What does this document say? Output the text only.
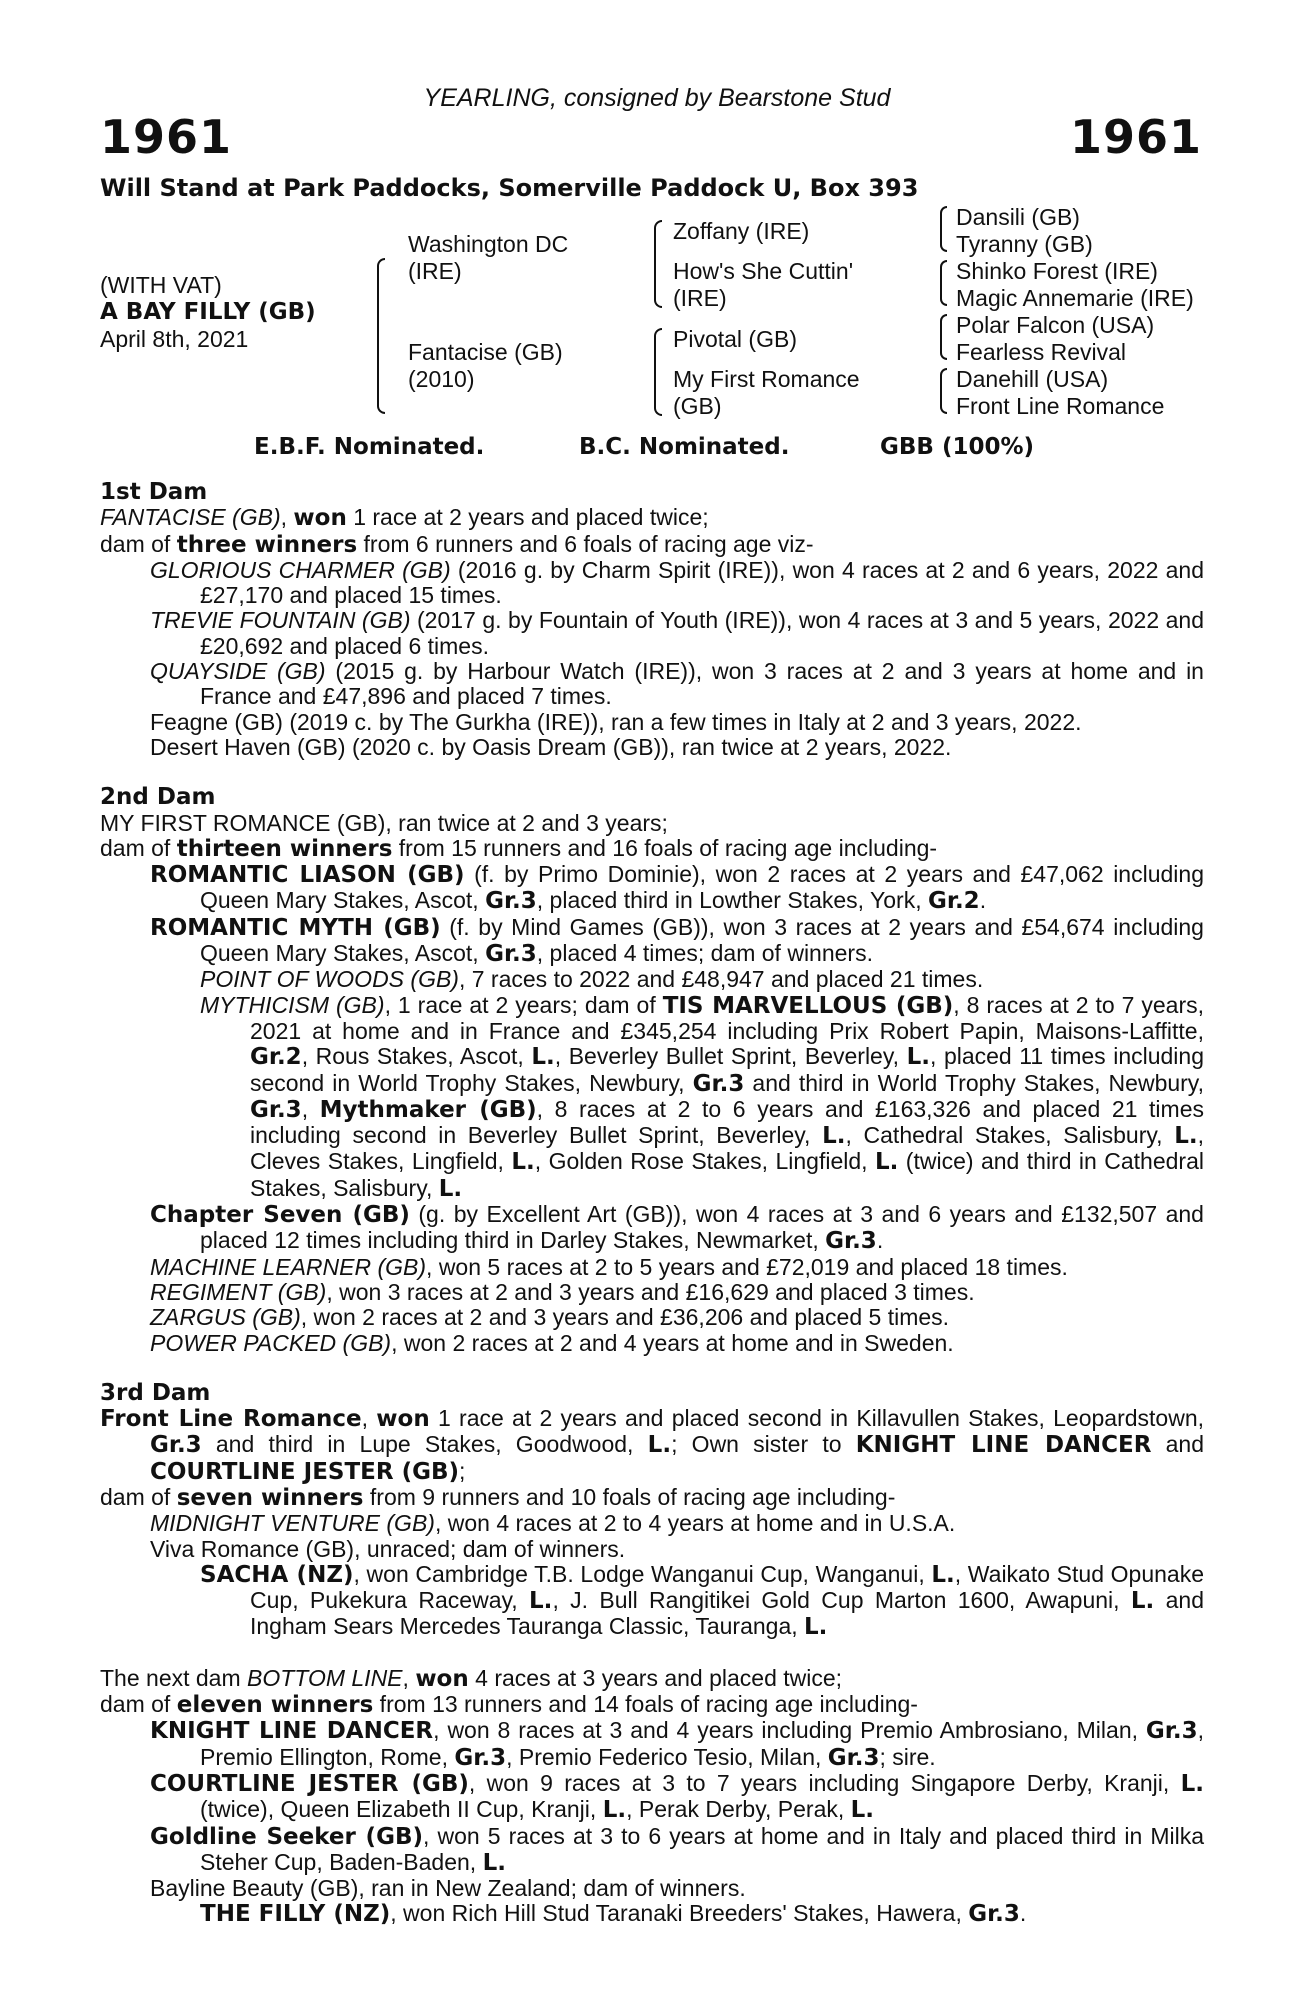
YEARLING, consigned by Bearstone Stud
1961	1961
Will Stand at Park Paddocks, Somerville Paddock U, Box 393
(WITH VAT)
A BAY FILLY (GB)
April 8th, 2021
Washington DC
(IRE)
Fantacise (GB)
(2010)
Zoffany (IRE)
How's She Cuttin'
(IRE)
Pivotal (GB)
My First Romance
(GB)
Dansili (GB)
Tyranny (GB)
Shinko Forest (IRE)
Magic Annemarie (IRE)
Polar Falcon (USA)
Fearless Revival
Danehill (USA)
Front Line Romance
E.B.F. Nominated.	B.C. Nominated.	GBB (100%)
1st Dam
FANTACISE (GB), won 1 race at 2 years and placed twice;
dam of three winners from 6 runners and 6 foals of racing age viz-
GLORIOUS CHARMER (GB) (2016 g. by Charm Spirit (IRE)), won 4 races at 2 and 6 years, 2022 and £27,170 and placed 15 times.
TREVIE FOUNTAIN (GB) (2017 g. by Fountain of Youth (IRE)), won 4 races at 3 and 5 years, 2022 and £20,692 and placed 6 times.
QUAYSIDE (GB) (2015 g. by Harbour Watch (IRE)), won 3 races at 2 and 3 years at home and in France and £47,896 and placed 7 times.
Feagne (GB) (2019 c. by The Gurkha (IRE)), ran a few times in Italy at 2 and 3 years, 2022.
Desert Haven (GB) (2020 c. by Oasis Dream (GB)), ran twice at 2 years, 2022.
2nd Dam
MY FIRST ROMANCE (GB), ran twice at 2 and 3 years;
dam of thirteen winners from 15 runners and 16 foals of racing age including-
ROMANTIC LIASON (GB) (f. by Primo Dominie), won 2 races at 2 years and £47,062 including Queen Mary Stakes, Ascot, Gr.3, placed third in Lowther Stakes, York, Gr.2.
ROMANTIC MYTH (GB) (f. by Mind Games (GB)), won 3 races at 2 years and £54,674 including Queen Mary Stakes, Ascot, Gr.3, placed 4 times; dam of winners.
POINT OF WOODS (GB), 7 races to 2022 and £48,947 and placed 21 times.
MYTHICISM (GB), 1 race at 2 years; dam of TIS MARVELLOUS (GB), 8 races at 2 to 7 years, 2021 at home and in France and £345,254 including Prix Robert Papin, Maisons-Laffitte, Gr.2, Rous Stakes, Ascot, L., Beverley Bullet Sprint, Beverley, L., placed 11 times including second in World Trophy Stakes, Newbury, Gr.3 and third in World Trophy Stakes, Newbury, Gr.3, Mythmaker (GB), 8 races at 2 to 6 years and £163,326 and placed 21 times including second in Beverley Bullet Sprint, Beverley, L., Cathedral Stakes, Salisbury, L., Cleves Stakes, Lingfield, L., Golden Rose Stakes, Lingfield, L. (twice) and third in Cathedral Stakes, Salisbury, L.
Chapter Seven (GB) (g. by Excellent Art (GB)), won 4 races at 3 and 6 years and £132,507 and placed 12 times including third in Darley Stakes, Newmarket, Gr.3.
MACHINE LEARNER (GB), won 5 races at 2 to 5 years and £72,019 and placed 18 times.
REGIMENT (GB), won 3 races at 2 and 3 years and £16,629 and placed 3 times.
ZARGUS (GB), won 2 races at 2 and 3 years and £36,206 and placed 5 times.
POWER PACKED (GB), won 2 races at 2 and 4 years at home and in Sweden.
3rd Dam
Front Line Romance, won 1 race at 2 years and placed second in Killavullen Stakes, Leopardstown, Gr.3 and third in Lupe Stakes, Goodwood, L.; Own sister to KNIGHT LINE DANCER and COURTLINE JESTER (GB);
dam of seven winners from 9 runners and 10 foals of racing age including-
MIDNIGHT VENTURE (GB), won 4 races at 2 to 4 years at home and in U.S.A.
Viva Romance (GB), unraced; dam of winners.
SACHA (NZ), won Cambridge T.B. Lodge Wanganui Cup, Wanganui, L., Waikato Stud Opunake Cup, Pukekura Raceway, L., J. Bull Rangitikei Gold Cup Marton 1600, Awapuni, L. and Ingham Sears Mercedes Tauranga Classic, Tauranga, L.
The next dam BOTTOM LINE, won 4 races at 3 years and placed twice;
dam of eleven winners from 13 runners and 14 foals of racing age including-
KNIGHT LINE DANCER, won 8 races at 3 and 4 years including Premio Ambrosiano, Milan, Gr.3, Premio Ellington, Rome, Gr.3, Premio Federico Tesio, Milan, Gr.3; sire.
COURTLINE JESTER (GB), won 9 races at 3 to 7 years including Singapore Derby, Kranji, L. (twice), Queen Elizabeth II Cup, Kranji, L., Perak Derby, Perak, L.
Goldline Seeker (GB), won 5 races at 3 to 6 years at home and in Italy and placed third in Milka Steher Cup, Baden-Baden, L.
Bayline Beauty (GB), ran in New Zealand; dam of winners.
THE FILLY (NZ), won Rich Hill Stud Taranaki Breeders' Stakes, Hawera, Gr.3.
